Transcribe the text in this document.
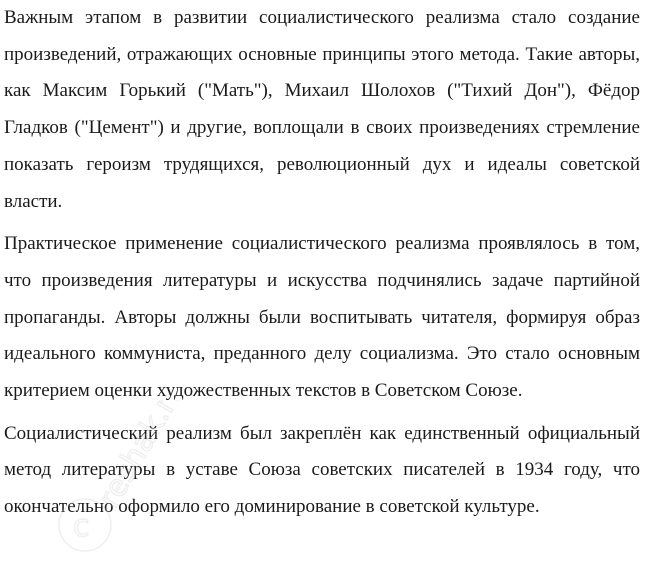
Важным этапом в развитии социалистического реализма стало создание произведений, отражающих основные принципы этого метода. Такие авторы, как Максим Горький ("Мать"), Михаил Шолохов ("Тихий Дон"), Фёдор Гладков ("Цемент") и другие, воплощали в своих произведениях стремление показать героизм трудящихся, революционный дух и идеалы советской власти.

Практическое применение социалистического реализма проявлялось в том, что произведения литературы и искусства подчинялись задаче партийной пропаганды. Авторы должны были воспитывать читателя, формируя образ идеального коммуниста, преданного делу социализма. Это стало основным критерием оценки художественных текстов в Советском Союзе.

Социалистический реализм был закреплён как единственный официальный метод литературы в уставе Союза советских писателей в 1934 году, что окончательно оформило его доминирование в советской культуре.

c
reshak.ru
